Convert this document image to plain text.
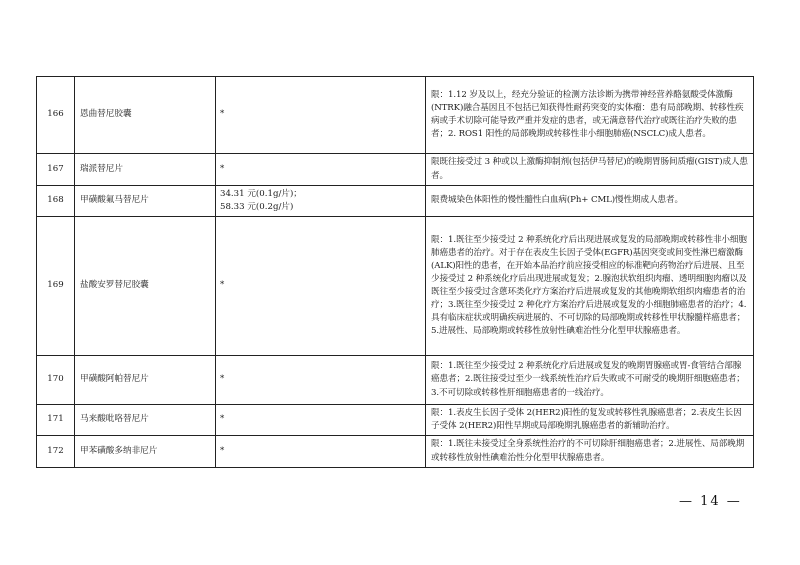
166	恩曲替尼胶囊	*	限：1.12 岁及以上，经充分验证的检测方法诊断为携带神经营养酪氨酸受体激酶(NTRK)融合基因且不包括已知获得性耐药突变的实体瘤：患有局部晚期、转移性疾病或手术切除可能导致严重并发症的患者，或无满意替代治疗或既往治疗失败的患者；2. ROS1 阳性的局部晚期或转移性非小细胞肺癌(NSCLC)成人患者。
167	瑞派替尼片	*	限既往接受过 3 种或以上激酶抑制剂(包括伊马替尼)的晚期胃肠间质瘤(GIST)成人患者。
168	甲磺酸氟马替尼片	34.31 元(0.1g/片)；
58.33 元(0.2g/片)	限费城染色体阳性的慢性髓性白血病(Ph+ CML)慢性期成人患者。
169	盐酸安罗替尼胶囊	*	限：1.既往至少接受过 2 种系统化疗后出现进展或复发的局部晚期或转移性非小细胞肺癌患者的治疗。对于存在表皮生长因子受体(EGFR)基因突变或间变性淋巴瘤激酶(ALK)阳性的患者，在开始本品治疗前应接受相应的标准靶向药物治疗后进展、且至少接受过 2 种系统化疗后出现进展或复发；2.腺泡状软组织肉瘤、透明细胞肉瘤以及既往至少接受过含蒽环类化疗方案治疗后进展或复发的其他晚期软组织肉瘤患者的治疗；3.既往至少接受过 2 种化疗方案治疗后进展或复发的小细胞肺癌患者的治疗；4.具有临床症状或明确疾病进展的、不可切除的局部晚期或转移性甲状腺髓样癌患者；5.进展性、局部晚期或转移性放射性碘难治性分化型甲状腺癌患者。
170	甲磺酸阿帕替尼片	*	限：1.既往至少接受过 2 种系统化疗后进展或复发的晚期胃腺癌或胃-食管结合部腺癌患者；2.既往接受过至少一线系统性治疗后失败或不可耐受的晚期肝细胞癌患者；3.不可切除或转移性肝细胞癌患者的一线治疗。
171	马来酸吡咯替尼片	*	限：1.表皮生长因子受体 2(HER2)阳性的复发或转移性乳腺癌患者；2.表皮生长因子受体 2(HER2)阳性早期或局部晚期乳腺癌患者的新辅助治疗。
172	甲苯磺酸多纳非尼片	*	限：1.既往未接受过全身系统性治疗的不可切除肝细胞癌患者；2.进展性、局部晚期或转移性放射性碘难治性分化型甲状腺癌患者。
— 14 —
